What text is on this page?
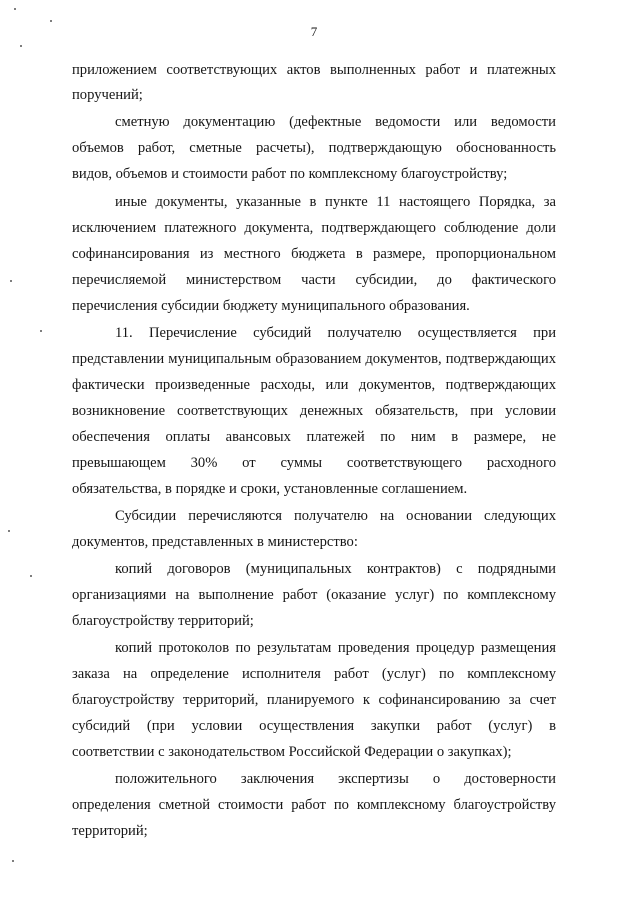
7
приложением соответствующих актов выполненных работ и платежных
поручений;
сметную документацию (дефектные ведомости или ведомости
объемов работ, сметные расчеты), подтверждающую обоснованность
видов, объемов и стоимости работ по комплексному благоустройству;
иные документы, указанные в пункте 11 настоящего Порядка, за
исключением платежного документа, подтверждающего соблюдение доли
софинансирования из местного бюджета в размере, пропорциональном
перечисляемой министерством части субсидии, до фактического
перечисления субсидии бюджету муниципального образования.
11. Перечисление субсидий получателю осуществляется при
представлении муниципальным образованием документов, подтверждающих
фактически произведенные расходы, или документов, подтверждающих
возникновение соответствующих денежных обязательств, при условии
обеспечения оплаты авансовых платежей по ним в размере, не
превышающем 30% от суммы соответствующего расходного
обязательства, в порядке и сроки, установленные соглашением.
Субсидии перечисляются получателю на основании следующих
документов, представленных в министерство:
копий договоров (муниципальных контрактов) с подрядными
организациями на выполнение работ (оказание услуг) по комплексному
благоустройству территорий;
копий протоколов по результатам проведения процедур размещения
заказа на определение исполнителя работ (услуг) по комплексному
благоустройству территорий, планируемого к софинансированию за счет
субсидий (при условии осуществления закупки работ (услуг) в
соответствии с законодательством Российской Федерации о закупках);
положительного заключения экспертизы о достоверности
определения сметной стоимости работ по комплексному благоустройству
территорий;
